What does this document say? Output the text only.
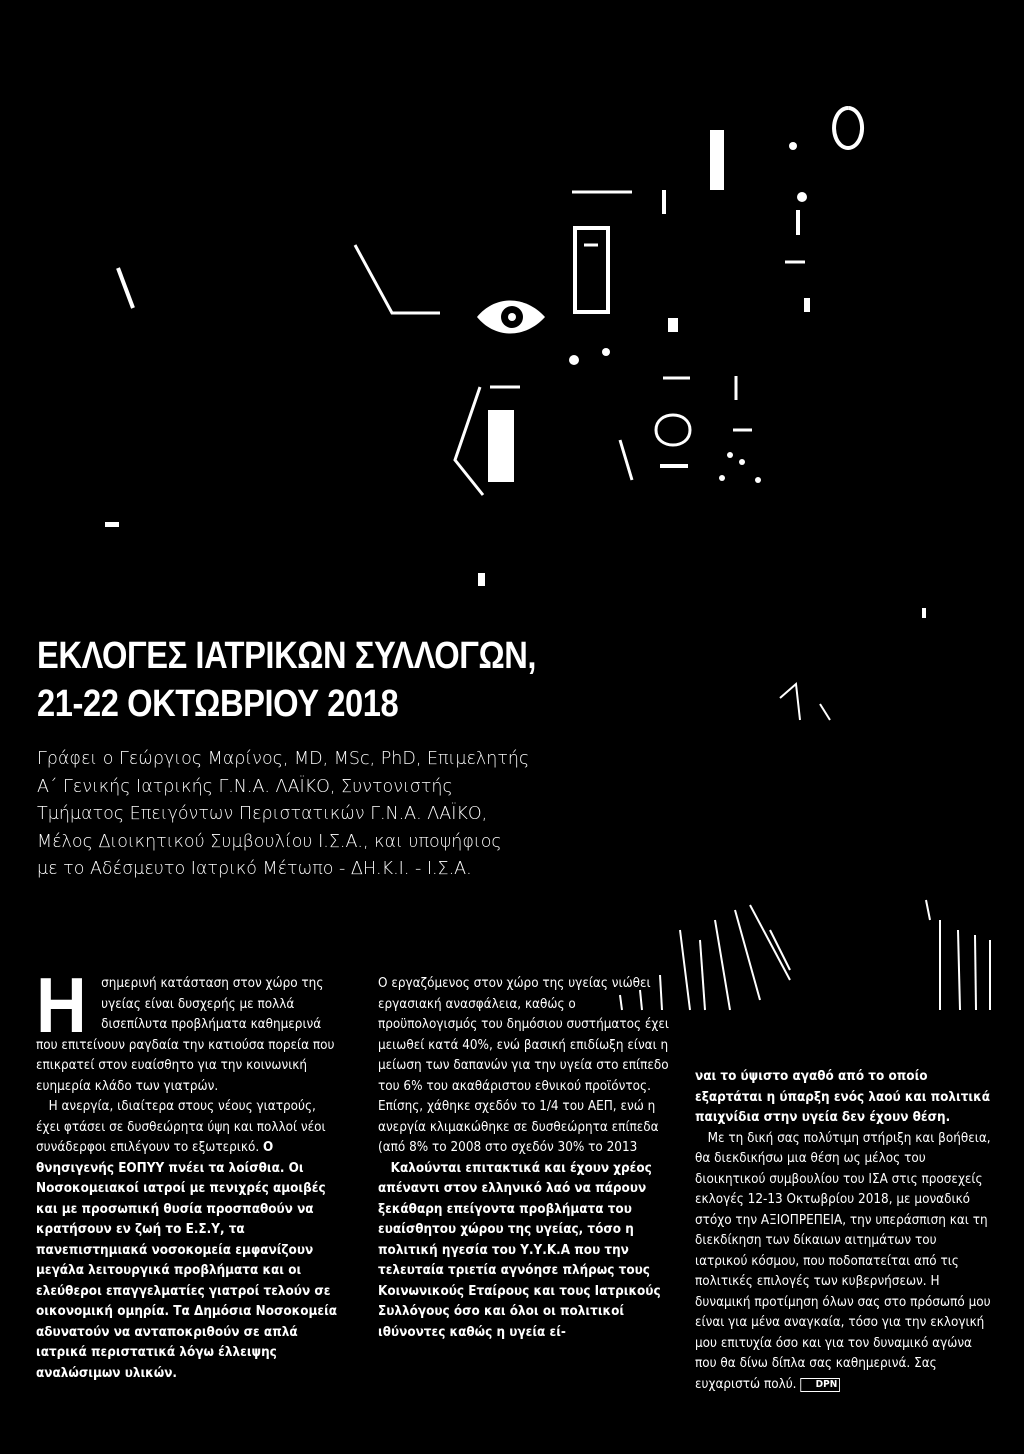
ΕΚΛΟΓΕΣ ΙΑΤΡΙΚΩΝ ΣΥΛΛΟΓΩΝ,
21-22 ΟΚΤΩΒΡΙΟΥ 2018
Γράφει ο Γεώργιος Μαρίνος, MD, MSc, PhD, Επιμελητής
Α΄ Γενικής Ιατρικής Γ.Ν.Α. ΛΑΪΚΟ, Συντονιστής
Τμήματος Επειγόντων Περιστατικών Γ.Ν.Α. ΛΑΪΚΟ,
Μέλος Διοικητικού Συμβουλίου Ι.Σ.Α., και υποψήφιος
με το Αδέσμευτο Ιατρικό Μέτωπο - ΔΗ.Κ.Ι. - Ι.Σ.Α.

Η σημερινή κατάσταση στον χώρο της υγείας είναι δυσχερής με πολλά δισεπίλυτα προβλήματα καθημερινά που επιτείνουν ραγδαία την κατιούσα πορεία που επικρατεί στον ευαίσθητο για την κοινωνική ευημερία κλάδο των γιατρών.

Η ανεργία, ιδιαίτερα στους νέους γιατρούς, έχει φτάσει σε δυσθεώρητα ύψη και πολλοί νέοι συνάδερφοι επιλέγουν το εξωτερικό. Ο θνησιγενής ΕΟΠΥΥ πνέει τα λοίσθια. Οι Νοσοκομειακοί ιατροί με πενιχρές αμοιβές και με προσωπική θυσία προσπαθούν να κρατήσουν εν ζωή το Ε.Σ.Υ, τα πανεπιστημιακά νοσοκομεία εμφανίζουν μεγάλα λειτουργικά προβλήματα και οι ελεύθεροι επαγγελματίες γιατροί τελούν σε οικονομική ομηρία. Τα Δημόσια Νοσοκομεία αδυνατούν να ανταποκριθούν σε απλά ιατρικά περιστατικά λόγω έλλειψης αναλώσιμων υλικών.

Ο εργαζόμενος στον χώρο της υγείας νιώθει εργασιακή ανασφάλεια, καθώς ο προϋπολογισμός του δημόσιου συστήματος έχει μειωθεί κατά 40%, ενώ βασική επιδίωξη είναι η μείωση των δαπανών για την υγεία στο επίπεδο του 6% του ακαθάριστου εθνικού προϊόντος. Επίσης, χάθηκε σχεδόν το 1/4 του ΑΕΠ, ενώ η ανεργία κλιμακώθηκε σε δυσθεώρητα επίπεδα (από 8% το 2008 στο σχεδόν 30% το 2013

Καλούνται επιτακτικά και έχουν χρέος απέναντι στον ελληνικό λαό να πάρουν ξεκάθαρη επείγοντα προβλήματα του ευαίσθητου χώρου της υγείας, τόσο η πολιτική ηγεσία του Υ.Υ.Κ.Α που την τελευταία τριετία αγνόησε πλήρως τους Κοινωνικούς Εταίρους και τους Ιατρικούς Συλλόγους όσο και όλοι οι πολιτικοί ιθύνοντες καθώς η υγεία εί-

ναι το ύψιστο αγαθό από το οποίο εξαρτάται η ύπαρξη ενός λαού και πολιτικά παιχνίδια στην υγεία δεν έχουν θέση.

Με τη δική σας πολύτιμη στήριξη και βοήθεια, θα διεκδικήσω μια θέση ως μέλος του διοικητικού συμβουλίου του ΙΣΑ στις προσεχείς εκλογές 12-13 Οκτωβρίου 2018, με μοναδικό στόχο την ΑΞΙΟΠΡΕΠΕΙΑ, την υπεράσπιση και τη διεκδίκηση των δίκαιων αιτημάτων του ιατρικού κόσμου, που ποδοπατείται από τις πολιτικές επιλογές των κυβερνήσεων. Η δυναμική προτίμηση όλων σας στο πρόσωπό μου είναι για μένα αναγκαία, τόσο για την εκλογική μου επιτυχία όσο και για τον δυναμικό αγώνα που θα δίνω δίπλα σας καθημερινά. Σας ευχαριστώ πολύ. DPN
